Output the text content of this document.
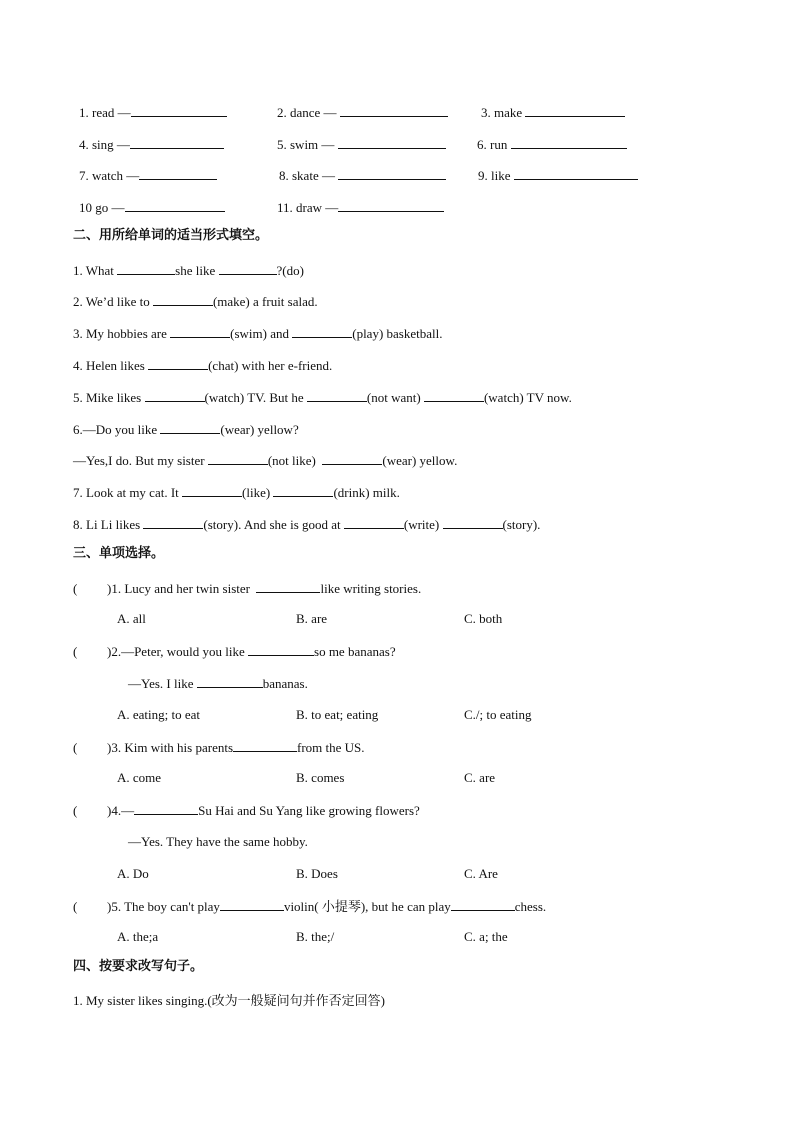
1. read —	2. dance —	3. make
4. sing —	5. swim —	6. run
7. watch —	8. skate —	9. like
10 go —	11. draw —
二、用所给单词的适当形式填空。
1. What	she like	?(do)
2. We’d like to	(make) a fruit salad.
3. My hobbies are	(swim) and	(play) basketball.
4. Helen likes	(chat) with her e-friend.
5. Mike likes	(watch) TV. But he	(not want)	(watch) TV now.
6.—Do you like	(wear) yellow?
—Yes,I do. But my sister	(not like)	(wear) yellow.
7. Look at my cat. It	(like)	(drink) milk.
8. Li Li likes	(story). And she is good at	(write)	(story).
三、单项选择。
( )1. Lucy and her twin sister	like writing stories.
A. all	B. are	C. both
( )2.—Peter, would you like	so me bananas?
—Yes. I like	bananas.
A. eating; to eat	B. to eat; eating	C./; to eating
( )3. Kim with his parents	from the US.
A. come	B. comes	C. are
( )4.—	Su Hai and Su Yang like growing flowers?
—Yes. They have the same hobby.
A. Do	B. Does	C. Are
( )5. The boy can't play	violin( 小提琴), but he can play	chess.
A. the;a	B. the;/	C. a; the
四、按要求改写句子。
1. My sister likes singing.(改为一般疑问句并作否定回答)
